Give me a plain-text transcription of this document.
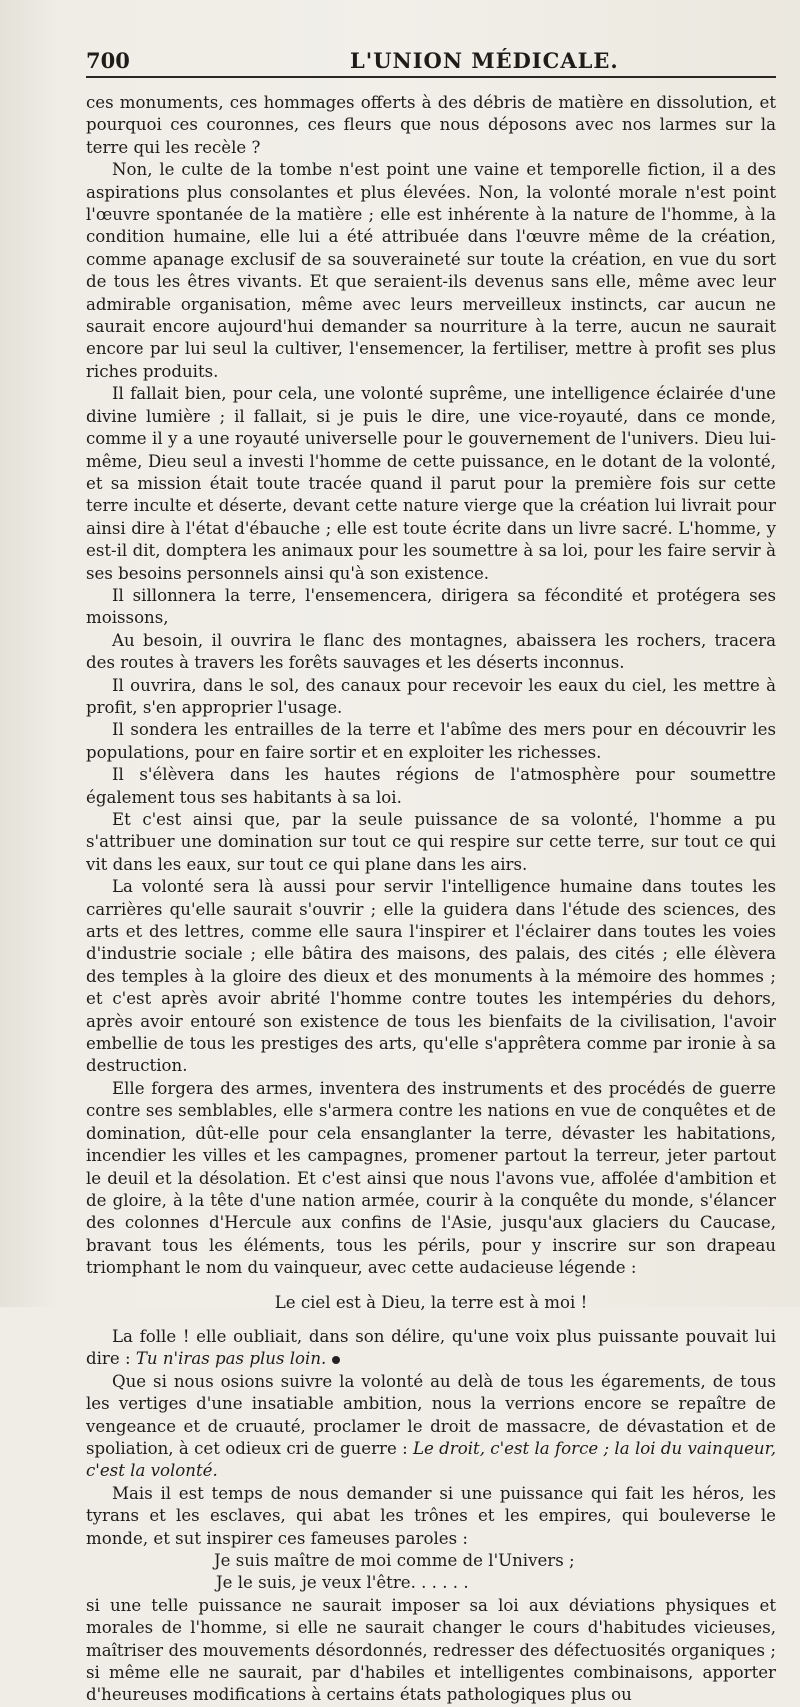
700	L'UNION MÉDICALE.

ces monuments, ces hommages offerts à des débris de matière en dissolution, et pourquoi ces couronnes, ces fleurs que nous déposons avec nos larmes sur la terre qui les recèle ?

Non, le culte de la tombe n'est point une vaine et temporelle fiction, il a des aspirations plus consolantes et plus élevées. Non, la volonté morale n'est point l'œuvre spontanée de la matière ; elle est inhérente à la nature de l'homme, à la condition humaine, elle lui a été attribuée dans l'œuvre même de la création, comme apanage exclusif de sa souveraineté sur toute la création, en vue du sort de tous les êtres vivants. Et que seraient-ils devenus sans elle, même avec leur admirable organisation, même avec leurs merveilleux instincts, car aucun ne saurait encore aujourd'hui demander sa nourriture à la terre, aucun ne saurait encore par lui seul la cultiver, l'ensemencer, la fertiliser, mettre à profit ses plus riches produits.

Il fallait bien, pour cela, une volonté suprême, une intelligence éclairée d'une divine lumière ; il fallait, si je puis le dire, une vice-royauté, dans ce monde, comme il y a une royauté universelle pour le gouvernement de l'univers. Dieu lui-même, Dieu seul a investi l'homme de cette puissance, en le dotant de la volonté, et sa mission était toute tracée quand il parut pour la première fois sur cette terre inculte et déserte, devant cette nature vierge que la création lui livrait pour ainsi dire à l'état d'ébauche ; elle est toute écrite dans un livre sacré. L'homme, y est-il dit, domptera les animaux pour les soumettre à sa loi, pour les faire servir à ses besoins personnels ainsi qu'à son existence.

Il sillonnera la terre, l'ensemencera, dirigera sa fécondité et protégera ses moissons,

Au besoin, il ouvrira le flanc des montagnes, abaissera les rochers, tracera des routes à travers les forêts sauvages et les déserts inconnus.

Il ouvrira, dans le sol, des canaux pour recevoir les eaux du ciel, les mettre à profit, s'en approprier l'usage.

Il sondera les entrailles de la terre et l'abîme des mers pour en découvrir les populations, pour en faire sortir et en exploiter les richesses.

Il s'élèvera dans les hautes régions de l'atmosphère pour soumettre également tous ses habitants à sa loi.

Et c'est ainsi que, par la seule puissance de sa volonté, l'homme a pu s'attribuer une domination sur tout ce qui respire sur cette terre, sur tout ce qui vit dans les eaux, sur tout ce qui plane dans les airs.

La volonté sera là aussi pour servir l'intelligence humaine dans toutes les carrières qu'elle saurait s'ouvrir ; elle la guidera dans l'étude des sciences, des arts et des lettres, comme elle saura l'inspirer et l'éclairer dans toutes les voies d'industrie sociale ; elle bâtira des maisons, des palais, des cités ; elle élèvera des temples à la gloire des dieux et des monuments à la mémoire des hommes ; et c'est après avoir abrité l'homme contre toutes les intempéries du dehors, après avoir entouré son existence de tous les bienfaits de la civilisation, l'avoir embellie de tous les prestiges des arts, qu'elle s'apprêtera comme par ironie à sa destruction.

Elle forgera des armes, inventera des instruments et des procédés de guerre contre ses semblables, elle s'armera contre les nations en vue de conquêtes et de domination, dût-elle pour cela ensanglanter la terre, dévaster les habitations, incendier les villes et les campagnes, promener partout la terreur, jeter partout le deuil et la désolation. Et c'est ainsi que nous l'avons vue, affolée d'ambition et de gloire, à la tête d'une nation armée, courir à la conquête du monde, s'élancer des colonnes d'Hercule aux confins de l'Asie, jusqu'aux glaciers du Caucase, bravant tous les éléments, tous les périls, pour y inscrire sur son drapeau triomphant le nom du vainqueur, avec cette audacieuse légende :

Le ciel est à Dieu, la terre est à moi !

La folle ! elle oubliait, dans son délire, qu'une voix plus puissante pouvait lui dire : Tu n'iras pas plus loin.

Que si nous osions suivre la volonté au delà de tous les égarements, de tous les vertiges d'une insatiable ambition, nous la verrions encore se repaître de vengeance et de cruauté, proclamer le droit de massacre, de dévastation et de spoliation, à cet odieux cri de guerre : Le droit, c'est la force ; la loi du vainqueur, c'est la volonté.

Mais il est temps de nous demander si une puissance qui fait les héros, les tyrans et les esclaves, qui abat les trônes et les empires, qui bouleverse le monde, et sut inspirer ces fameuses paroles :

Je suis maître de moi comme de l'Univers ;
Je le suis, je veux l'être. . . . . .

si une telle puissance ne saurait imposer sa loi aux déviations physiques et morales de l'homme, si elle ne saurait changer le cours d'habitudes vicieuses, maîtriser des mouvements désordonnés, redresser des défectuosités organiques ; si même elle ne saurait, par d'habiles et intelligentes combinaisons, apporter d'heureuses modifications à certains états pathologiques plus ou
